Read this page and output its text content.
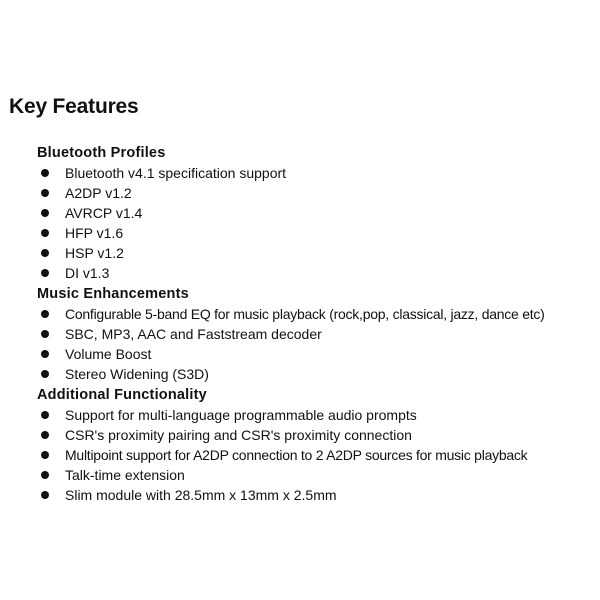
Key Features
Bluetooth Profiles
Bluetooth v4.1 specification support
A2DP v1.2
AVRCP v1.4
HFP v1.6
HSP v1.2
DI v1.3
Music Enhancements
Configurable 5-band EQ for music playback (rock,pop, classical, jazz, dance etc)
SBC, MP3, AAC and Faststream decoder
Volume Boost
Stereo Widening (S3D)
Additional Functionality
Support for multi-language programmable audio prompts
CSR's proximity pairing and CSR's proximity connection
Multipoint support for A2DP connection to 2 A2DP sources for music playback
Talk-time extension
Slim module with 28.5mm x 13mm x 2.5mm
